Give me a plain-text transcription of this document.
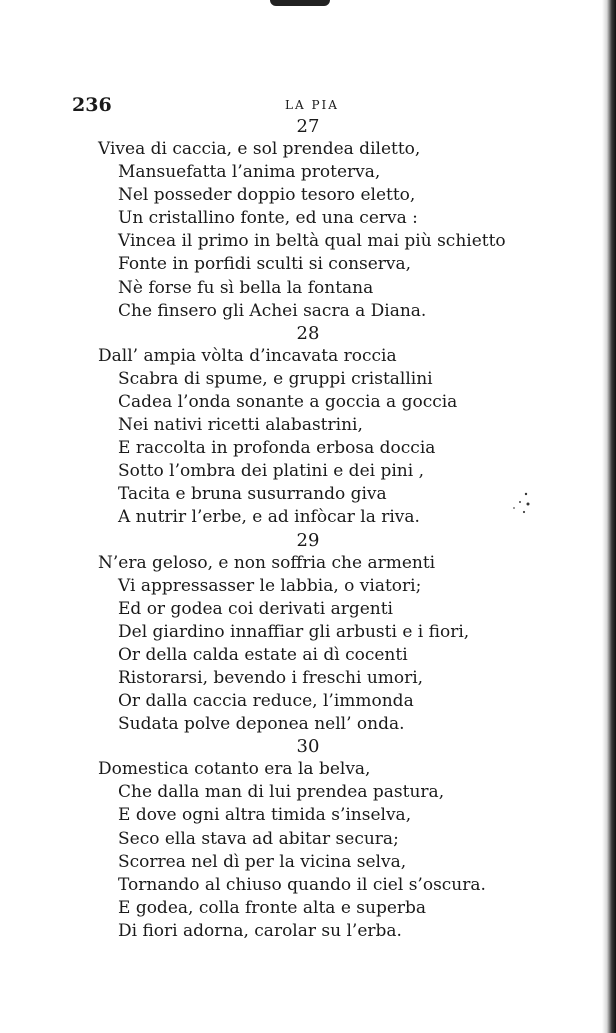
236	LA PIA
27
Vivea di caccia, e sol prendea diletto,
Mansuefatta l’anima proterva,
Nel posseder doppio tesoro eletto,
Un cristallino fonte, ed una cerva :
Vincea il primo in beltà qual mai più schietto
Fonte in porfidi sculti si conserva,
Nè forse fu sì bella la fontana
Che finsero gli Achei sacra a Diana.
28
Dall’ ampia vòlta d’incavata roccia
Scabra di spume, e gruppi cristallini
Cadea l’onda sonante a goccia a goccia
Nei nativi ricetti alabastrini,
E raccolta in profonda erbosa doccia
Sotto l’ombra dei platini e dei pini ,
Tacita e bruna susurrando giva
A nutrir l’erbe, e ad infòcar la riva.
29
N’era geloso, e non soffria che armenti
Vi appressasser le labbia, o viatori;
Ed or godea coi derivati argenti
Del giardino innaffiar gli arbusti e i fiori,
Or della calda estate ai dì cocenti
Ristorarsi, bevendo i freschi umori,
Or dalla caccia reduce, l’immonda
Sudata polve deponea nell’ onda.
30
Domestica cotanto era la belva,
Che dalla man di lui prendea pastura,
E dove ogni altra timida s’inselva,
Seco ella stava ad abitar secura;
Scorrea nel dì per la vicina selva,
Tornando al chiuso quando il ciel s’oscura.
E godea, colla fronte alta e superba
Di fiori adorna, carolar su l’erba.
